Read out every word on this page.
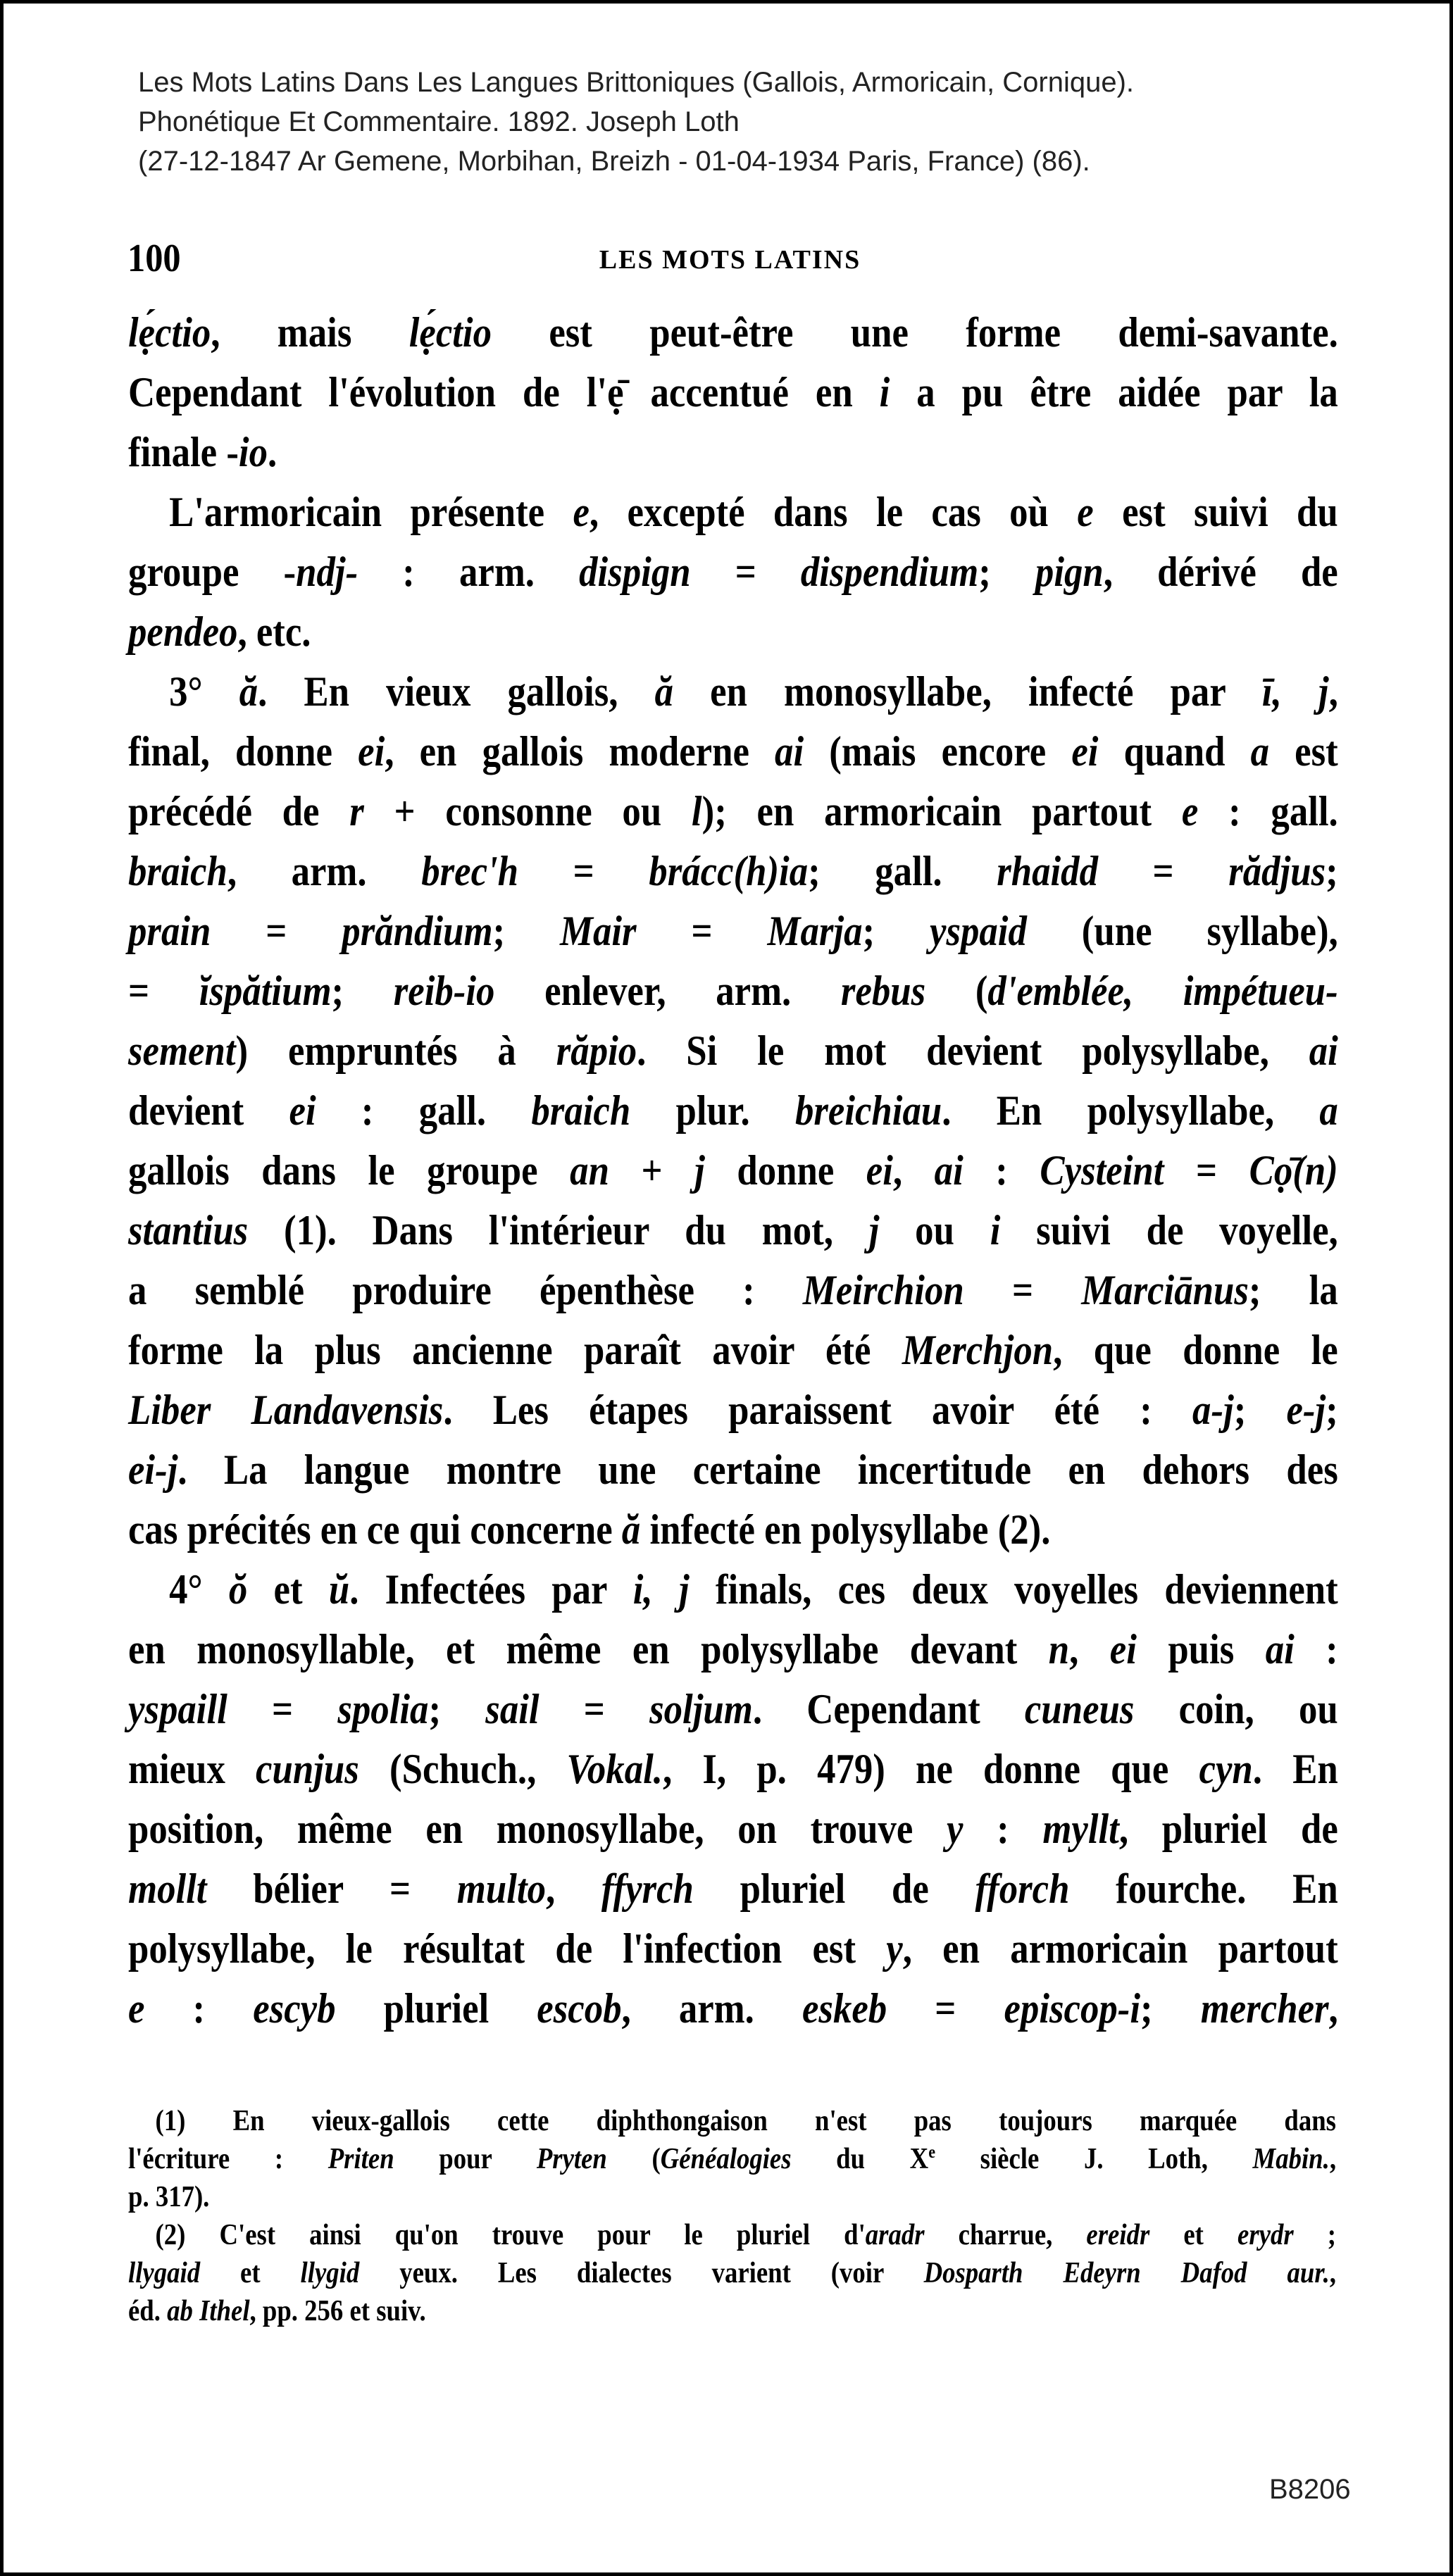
Les Mots Latins Dans Les Langues Brittoniques (Gallois, Armoricain, Cornique).
Phonétique Et Commentaire. 1892. Joseph Loth
(27-12-1847 Ar Gemene, Morbihan, Breizh - 01-04-1934 Paris, France) (86).
100	LES MOTS LATINS
lẹ́ctio, mais lẹ́ctio est peut-être une forme demi-savante.
Cependant l'évolution de l'ẹ̄ accentué en i a pu être aidée par la
finale -io.
L'armoricain présente e, excepté dans le cas où e est suivi du
groupe -ndj- : arm. dispign = dispendium; pign, dérivé de
pendeo, etc.
3° ă. En vieux gallois, ă en monosyllabe, infecté par ī, j,
final, donne ei, en gallois moderne ai (mais encore ei quand a est
précédé de r + consonne ou l); en armoricain partout e : gall.
braich, arm. brec'h = brácc(h)ia; gall. rhaidd = rădjus;
prain = prăndium; Mair = Marja; yspaid (une syllabe),
= ĭspătium; reib-io enlever, arm. rebus (d'emblée, impétueu-
sement) empruntés à răpio. Si le mot devient polysyllabe, ai
devient ei : gall. braich plur. breichiau. En polysyllabe, a
gallois dans le groupe an + j donne ei, ai : Cysteint = Cọ̄(n)
stantius (1). Dans l'intérieur du mot, j ou i suivi de voyelle,
a semblé produire épenthèse : Meirchion = Marciānus; la
forme la plus ancienne paraît avoir été Merchjon, que donne le
Liber Landavensis. Les étapes paraissent avoir été : a-j; e-j;
ei-j. La langue montre une certaine incertitude en dehors des
cas précités en ce qui concerne ă infecté en polysyllabe (2).
4° ŏ et ŭ. Infectées par i, j finals, ces deux voyelles deviennent
en monosyllable, et même en polysyllabe devant n, ei puis ai :
yspaill = spolia; sail = soljum. Cependant cuneus coin, ou
mieux cunjus (Schuch., Vokal., I, p. 479) ne donne que cyn. En
position, même en monosyllabe, on trouve y : myllt, pluriel de
mollt bélier = multo, ffyrch pluriel de fforch fourche. En
polysyllabe, le résultat de l'infection est y, en armoricain partout
e : escyb pluriel escob, arm. eskeb = episcop-i; mercher,
(1) En vieux-gallois cette diphthongaison n'est pas toujours marquée dans
l'écriture : Priten pour Pryten (Généalogies du Xe siècle J. Loth, Mabin.,
p. 317).
(2) C'est ainsi qu'on trouve pour le pluriel d'aradr charrue, ereidr et erydr ;
llygaid et llygid yeux. Les dialectes varient (voir Dosparth Edeyrn Dafod aur.,
éd. ab Ithel, pp. 256 et suiv.
B8206
